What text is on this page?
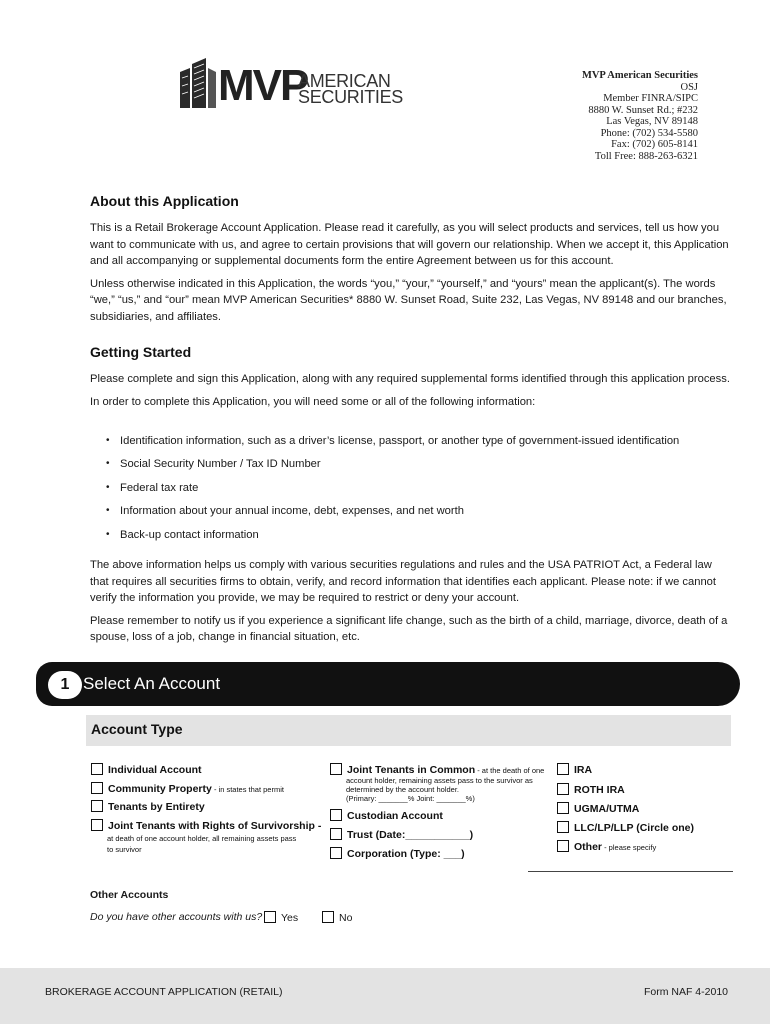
MVP
AMERICAN
SECURITIES
MVP American Securities
OSJ
Member FINRA/SIPC
8880 W. Sunset Rd.; #232
Las Vegas, NV 89148
Phone: (702) 534-5580
Fax: (702) 605-8141
Toll Free: 888-263-6321
About this Application

This is a Retail Brokerage Account Application. Please read it carefully, as you will select products and services, tell us how you want to communicate with us, and agree to certain provisions that will govern our relationship. When we accept it, this Application and all accompanying or supplemental documents form the entire Agreement between us for this account.

Unless otherwise indicated in this Application, the words “you,” “your,” “yourself,” and “yours” mean the applicant(s). The words “we,” “us,” and “our” mean MVP American Securities* 8880 W. Sunset Road, Suite 232, Las Vegas, NV 89148 and our branches, subsidiaries, and affiliates.

Getting Started

Please complete and sign this Application, along with any required supplemental forms identified through this application process.

In order to complete this Application, you will need some or all of the following information:

• Identification information, such as a driver’s license, passport, or another type of government-issued identification
• Social Security Number / Tax ID Number
• Federal tax rate
• Information about your annual income, debt, expenses, and net worth
• Back-up contact information

The above information helps us comply with various securities regulations and rules and the USA PATRIOT Act, a Federal law that requires all securities firms to obtain, verify, and record information that identifies each applicant. Please note: if we cannot verify the information you provide, we may be required to restrict or deny your account.

Please remember to notify us if you experience a significant life change, such as the birth of a child, marriage, divorce, death of a spouse, loss of a job, change in financial situation, etc.

1 Select An Account
Account Type
Individual Account
Community Property - in states that permit
Tenants by Entirety
Joint Tenants with Rights of Survivorship -
at death of one account holder, all remaining assets pass
to survivor
Joint Tenants in Common - at the death of one
account holder, remaining assets pass to the survivor as
determined by the account holder.
(Primary: _______% Joint: _______%)
Custodian Account
Trust (Date:___________)
Corporation (Type: ___)
IRA
ROTH IRA
UGMA/UTMA
LLC/LP/LLP (Circle one)
Other - please specify
Other Accounts
Do you have other accounts with us?	Yes	No
BROKERAGE ACCOUNT APPLICATION (RETAIL)	Form NAF 4-2010
